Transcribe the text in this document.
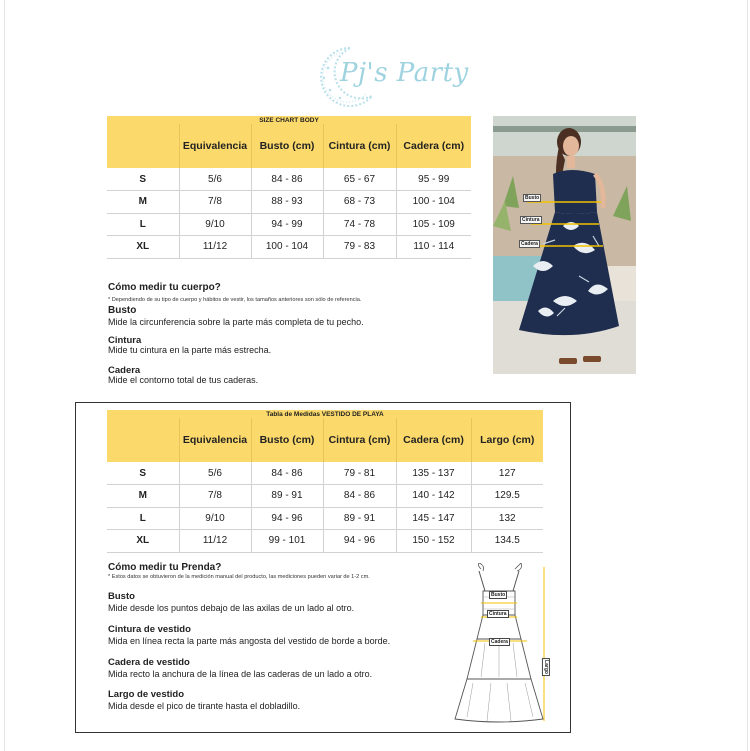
Pj's Party
SIZE CHART BODY				
	Equivalencia	Busto (cm)	Cintura (cm)	Cadera (cm)
S	5/6	84 - 86	65 - 67	95 - 99
M	7/8	88 - 93	68 - 73	100 - 104
L	9/10	94 - 99	74 - 78	105 - 109
XL	11/12	100 - 104	79 - 83	110 - 114
Cómo medir tu cuerpo?
* Dependiendo de su tipo de cuerpo y hábitos de vestir, los tamaños anteriores son sólo de referencia.
Busto
Mide la circunferencia sobre la parte más completa de tu pecho.
Cintura
Mide tu cintura en la parte más estrecha.
Cadera
Mide el contorno total de tus caderas.
Busto
Cintura
Cadera
Tabla de Medidas VESTIDO DE PLAYA					
	Equivalencia	Busto (cm)	Cintura (cm)	Cadera (cm)	Largo (cm)
S	5/6	84 - 86	79 - 81	135 - 137	127
M	7/8	89 - 91	84 - 86	140 - 142	129.5
L	9/10	94 - 96	89 - 91	145 - 147	132
XL	11/12	99 - 101	94 - 96	150 - 152	134.5
Cómo medir tu Prenda?
* Estos datos se obtuvieron de la medición manual del producto, las mediciones pueden variar de 1-2 cm.
Busto
Mide desde los puntos debajo de las axilas de un lado al otro.
Cintura de vestido
Mida en línea recta la parte más angosta del vestido de borde a borde.
Cadera de vestido
Mida recto la anchura de la línea de las caderas de un lado a otro.
Largo de vestido
Mida desde el pico de tirante hasta el dobladillo.
Busto
Cintura
Cadera
Largo
